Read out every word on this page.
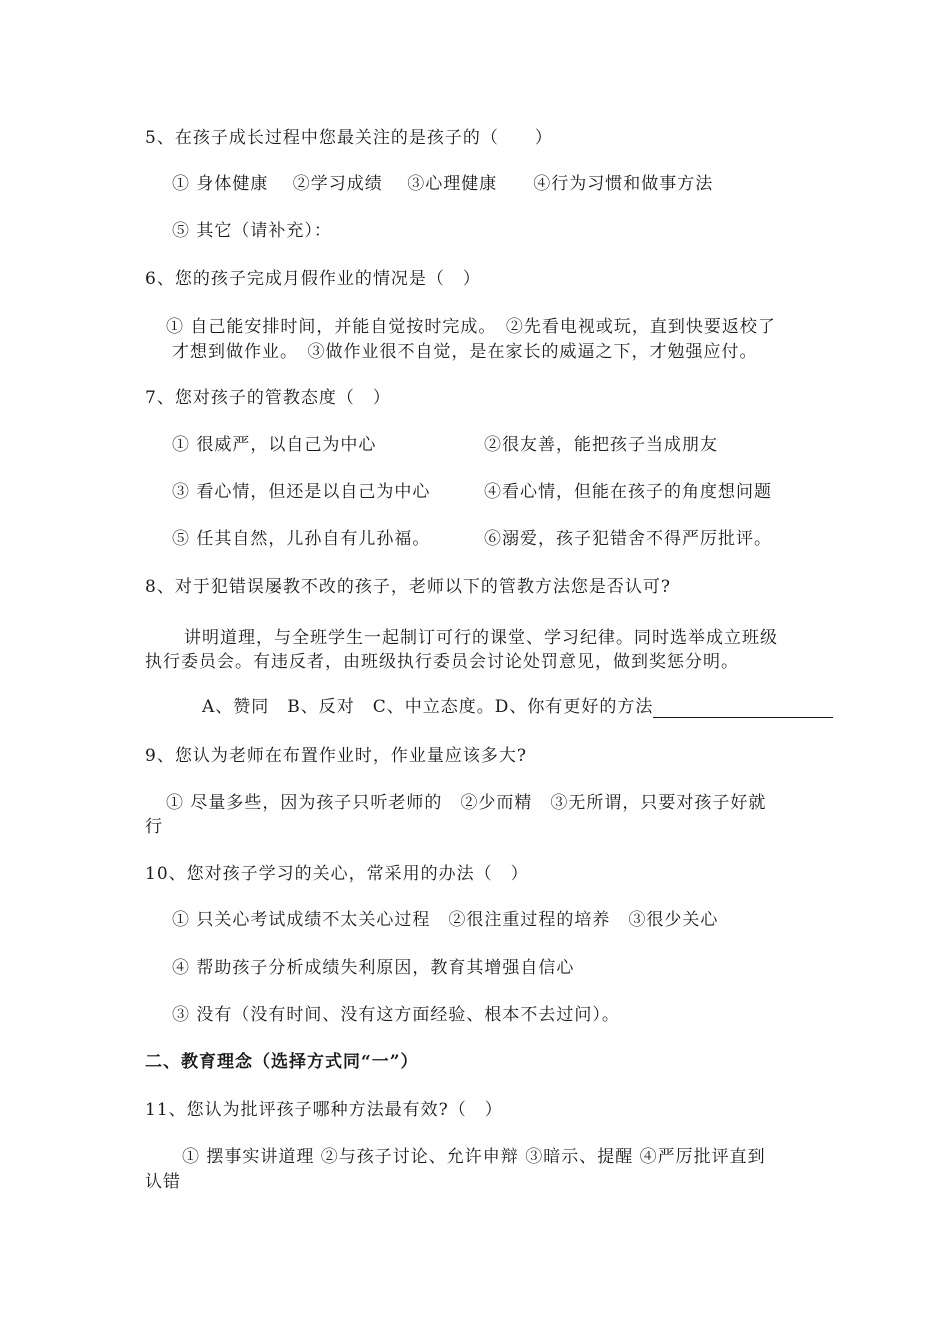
5、在孩子成长过程中您最关注的是孩子的（　　）
① 身体健康　 ②学习成绩　 ③心理健康　　④行为习惯和做事方法
⑤ 其它（请补充）：
6、您的孩子完成月假作业的情况是（　）
① 自己能安排时间，并能自觉按时完成。　②先看电视或玩，直到快要返校了
才想到做作业。　③做作业很不自觉，是在家长的威逼之下，才勉强应付。
7、您对孩子的管教态度（　）
① 很威严，以自己为中心	②很友善，能把孩子当成朋友
③ 看心情，但还是以自己为中心	④看心情，但能在孩子的角度想问题
⑤ 任其自然，儿孙自有儿孙福。	⑥溺爱，孩子犯错舍不得严厉批评。
8、对于犯错误屡教不改的孩子，老师以下的管教方法您是否认可?
讲明道理，与全班学生一起制订可行的课堂、学习纪律。同时选举成立班级
执行委员会。有违反者，由班级执行委员会讨论处罚意见，做到奖惩分明。
A、赞同　B、反对　C、中立态度。D、你有更好的方法
9、您认为老师在布置作业时，作业量应该多大?
① 尽量多些，因为孩子只听老师的　②少而精　③无所谓，只要对孩子好就
行
10、您对孩子学习的关心，常采用的办法（　）
① 只关心考试成绩不太关心过程　②很注重过程的培养　③很少关心
④ 帮助孩子分析成绩失利原因，教育其增强自信心
③ 没有（没有时间、没有这方面经验、根本不去过问）。
二、教育理念（选择方式同“一”）
11、您认为批评孩子哪种方法最有效?（　）
① 摆事实讲道理 ②与孩子讨论、允许申辩 ③暗示、提醒 ④严厉批评直到
认错
